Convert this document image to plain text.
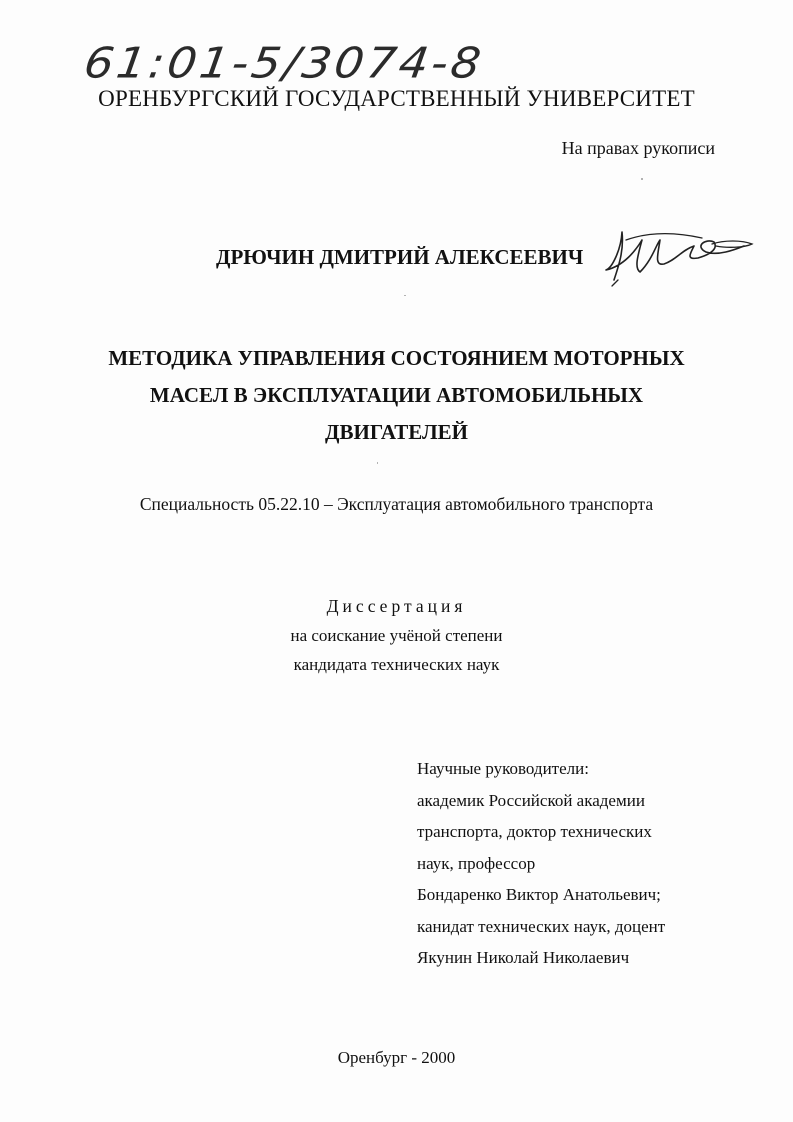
61:01-5/3074-8
ОРЕНБУРГСКИЙ ГОСУДАРСТВЕННЫЙ УНИВЕРСИТЕТ
На правах рукописи
ДРЮЧИН ДМИТРИЙ АЛЕКСЕЕВИЧ
МЕТОДИКА УПРАВЛЕНИЯ СОСТОЯНИЕМ МОТОРНЫХ
МАСЕЛ В ЭКСПЛУАТАЦИИ АВТОМОБИЛЬНЫХ
ДВИГАТЕЛЕЙ
Специальность 05.22.10 – Эксплуатация автомобильного транспорта
Диссертация
на соискание учёной степени
кандидата технических наук
Научные руководители:
академик Российской академии
транспорта, доктор технических
наук, профессор
Бондаренко Виктор Анатольевич;
канидат технических наук, доцент
Якунин Николай Николаевич
Оренбург - 2000
